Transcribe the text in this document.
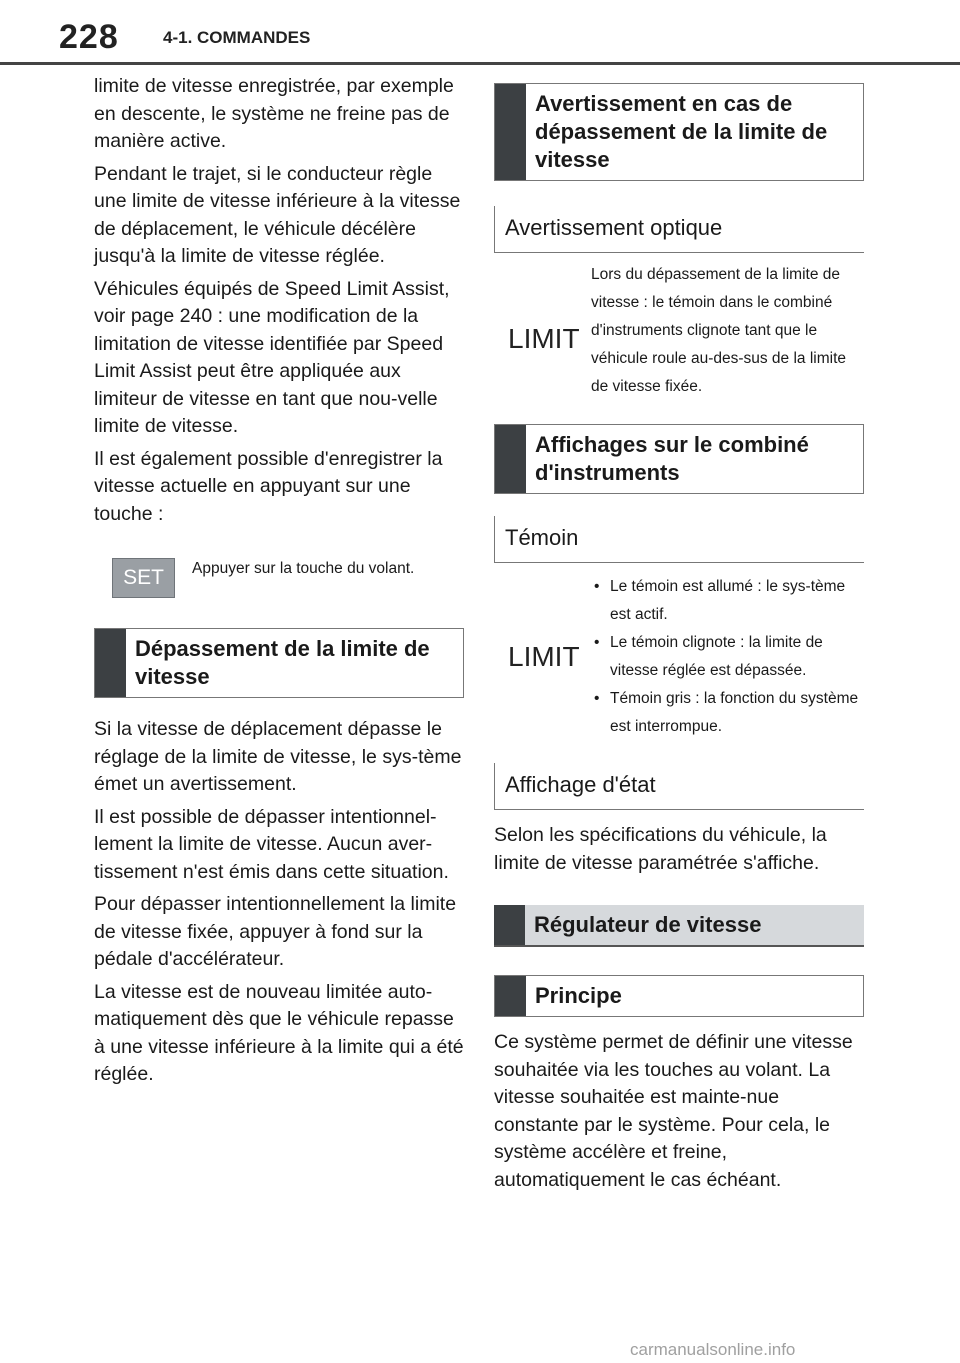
228	4-1. COMMANDES

limite de vitesse enregistrée, par exemple en descente, le système ne freine pas de manière active.

Pendant le trajet, si le conducteur règle une limite de vitesse inférieure à la vitesse de déplacement, le véhicule décélère jusqu'à la limite de vitesse réglée.

Véhicules équipés de Speed Limit Assist, voir page 240 : une modification de la limitation de vitesse identifiée par Speed Limit Assist peut être appliquée aux limiteur de vitesse en tant que nou-velle limite de vitesse.

Il est également possible d'enregistrer la vitesse actuelle en appuyant sur une touche :

SET	Appuyer sur la touche du volant.
Dépassement de la limite de vitesse

Si la vitesse de déplacement dépasse le réglage de la limite de vitesse, le sys-tème émet un avertissement.

Il est possible de dépasser intentionnel-lement la limite de vitesse. Aucun aver-tissement n'est émis dans cette situation.

Pour dépasser intentionnellement la limite de vitesse fixée, appuyer à fond sur la pédale d'accélérateur.

La vitesse est de nouveau limitée auto-matiquement dès que le véhicule repasse à une vitesse inférieure à la limite qui a été réglée.

Avertissement en cas de dépassement de la limite de vitesse
Avertissement optique
LIMIT
Lors du dépassement de la limite de vitesse : le témoin dans le combiné d'instruments clignote tant que le véhicule roule au-des-sus de la limite de vitesse fixée.
Affichages sur le combiné d'instruments
Témoin
LIMIT
• Le témoin est allumé : le sys-tème est actif.
• Le témoin clignote : la limite de vitesse réglée est dépassée.
• Témoin gris : la fonction du système est interrompue.
Affichage d'état

Selon les spécifications du véhicule, la limite de vitesse paramétrée s'affiche.

Régulateur de vitesse
Principe

Ce système permet de définir une vitesse souhaitée via les touches au volant. La vitesse souhaitée est mainte-nue constante par le système. Pour cela, le système accélère et freine, automatiquement le cas échéant.

carmanualsonline.info
